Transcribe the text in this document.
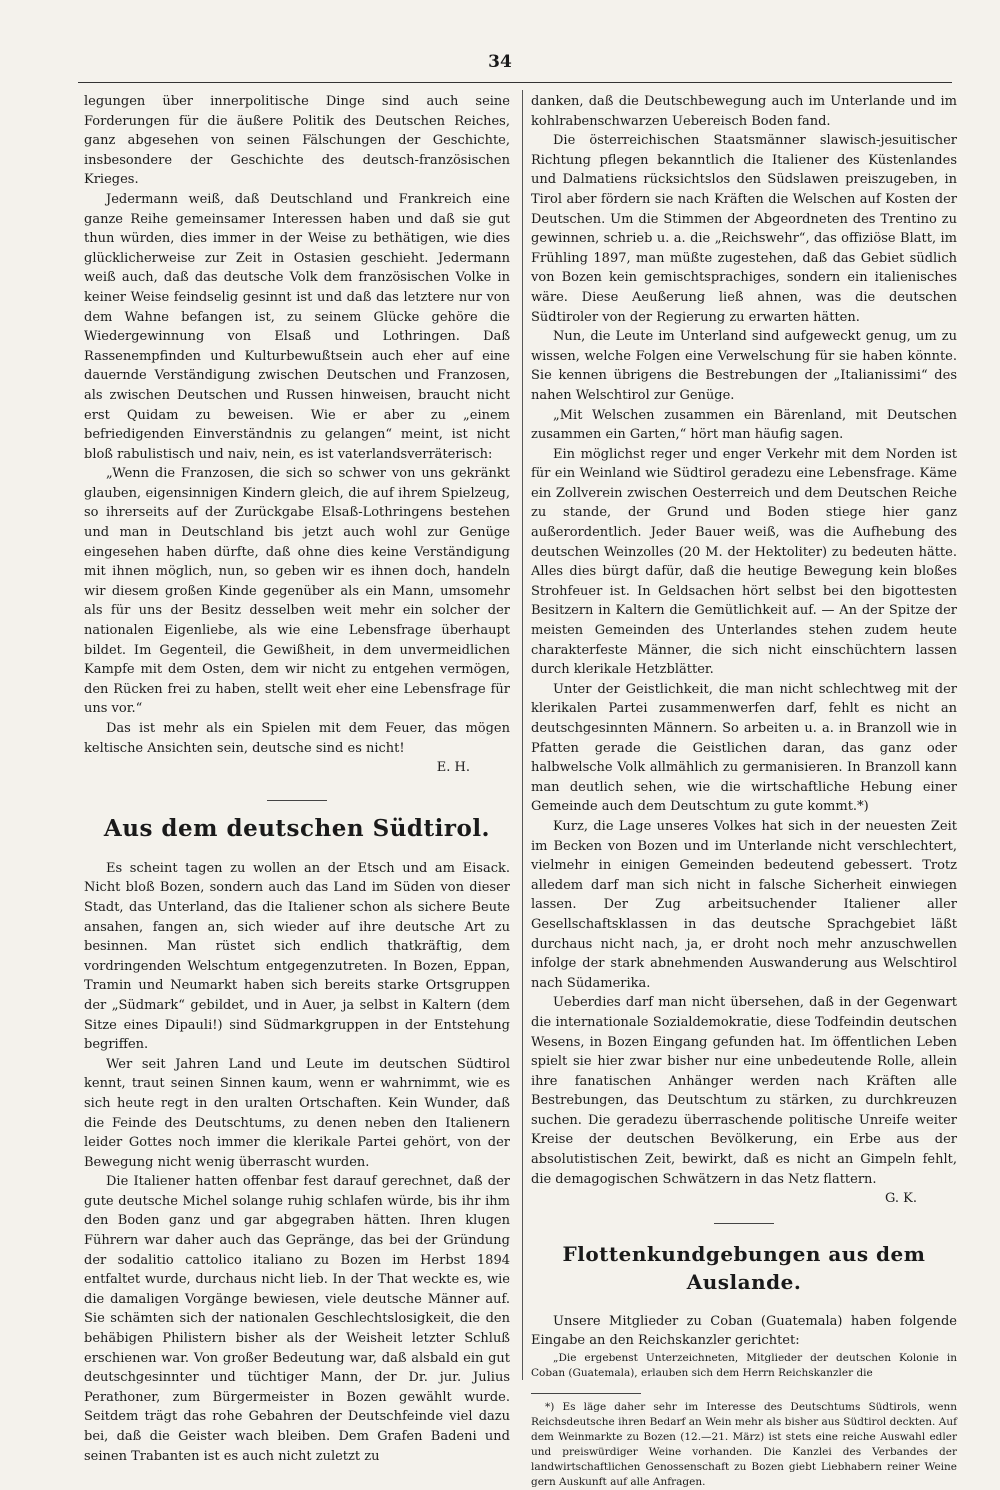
34

legungen über innerpolitische Dinge sind auch seine Forderungen für die äußere Politik des Deutschen Reiches, ganz abgesehen von seinen Fälschungen der Geschichte, insbesondere der Geschichte des deutsch-französischen Krieges.

Jedermann weiß, daß Deutschland und Frankreich eine ganze Reihe gemeinsamer Interessen haben und daß sie gut thun würden, dies immer in der Weise zu bethätigen, wie dies glücklicherweise zur Zeit in Ostasien geschieht. Jedermann weiß auch, daß das deutsche Volk dem französischen Volke in keiner Weise feindselig gesinnt ist und daß das letztere nur von dem Wahne befangen ist, zu seinem Glücke gehöre die Wiedergewinnung von Elsaß und Lothringen. Daß Rassenempfinden und Kulturbewußtsein auch eher auf eine dauernde Verständigung zwischen Deutschen und Franzosen, als zwischen Deutschen und Russen hinweisen, braucht nicht erst Quidam zu beweisen. Wie er aber zu „einem befriedigenden Einverständnis zu gelangen“ meint, ist nicht bloß rabulistisch und naiv, nein, es ist vaterlandsverräterisch:

„Wenn die Franzosen, die sich so schwer von uns gekränkt glauben, eigensinnigen Kindern gleich, die auf ihrem Spielzeug, so ihrerseits auf der Zurückgabe Elsaß-Lothringens bestehen und man in Deutschland bis jetzt auch wohl zur Genüge eingesehen haben dürfte, daß ohne dies keine Verständigung mit ihnen möglich, nun, so geben wir es ihnen doch, handeln wir diesem großen Kinde gegenüber als ein Mann, umsomehr als für uns der Besitz desselben weit mehr ein solcher der nationalen Eigenliebe, als wie eine Lebensfrage überhaupt bildet. Im Gegenteil, die Gewißheit, in dem unvermeidlichen Kampfe mit dem Osten, dem wir nicht zu entgehen vermögen, den Rücken frei zu haben, stellt weit eher eine Lebensfrage für uns vor.“

Das ist mehr als ein Spielen mit dem Feuer, das mögen keltische Ansichten sein, deutsche sind es nicht!

E. H.

Aus dem deutschen Südtirol.

Es scheint tagen zu wollen an der Etsch und am Eisack. Nicht bloß Bozen, sondern auch das Land im Süden von dieser Stadt, das Unterland, das die Italiener schon als sichere Beute ansahen, fangen an, sich wieder auf ihre deutsche Art zu besinnen. Man rüstet sich endlich thatkräftig, dem vordringenden Welschtum entgegenzutreten. In Bozen, Eppan, Tramin und Neumarkt haben sich bereits starke Ortsgruppen der „Südmark“ gebildet, und in Auer, ja selbst in Kaltern (dem Sitze eines Dipauli!) sind Südmarkgruppen in der Entstehung begriffen.

Wer seit Jahren Land und Leute im deutschen Südtirol kennt, traut seinen Sinnen kaum, wenn er wahrnimmt, wie es sich heute regt in den uralten Ortschaften. Kein Wunder, daß die Feinde des Deutschtums, zu denen neben den Italienern leider Gottes noch immer die klerikale Partei gehört, von der Bewegung nicht wenig überrascht wurden.

Die Italiener hatten offenbar fest darauf gerechnet, daß der gute deutsche Michel solange ruhig schlafen würde, bis ihr ihm den Boden ganz und gar abgegraben hätten. Ihren klugen Führern war daher auch das Gepränge, das bei der Gründung der sodalitio cattolico italiano zu Bozen im Herbst 1894 entfaltet wurde, durchaus nicht lieb. In der That weckte es, wie die damaligen Vorgänge bewiesen, viele deutsche Männer auf. Sie schämten sich der nationalen Geschlechtslosigkeit, die den behäbigen Philistern bisher als der Weisheit letzter Schluß erschienen war. Von großer Bedeutung war, daß alsbald ein gut deutschgesinnter und tüchtiger Mann, der Dr. jur. Julius Perathoner, zum Bürgermeister in Bozen gewählt wurde. Seitdem trägt das rohe Gebahren der Deutschfeinde viel dazu bei, daß die Geister wach bleiben. Dem Grafen Badeni und seinen Trabanten ist es auch nicht zuletzt zu

danken, daß die Deutschbewegung auch im Unterlande und im kohlrabenschwarzen Uebereisch Boden fand.

Die österreichischen Staatsmänner slawisch-jesuitischer Richtung pflegen bekanntlich die Italiener des Küstenlandes und Dalmatiens rücksichtslos den Südslawen preiszugeben, in Tirol aber fördern sie nach Kräften die Welschen auf Kosten der Deutschen. Um die Stimmen der Abgeordneten des Trentino zu gewinnen, schrieb u. a. die „Reichswehr“, das offiziöse Blatt, im Frühling 1897, man müßte zugestehen, daß das Gebiet südlich von Bozen kein gemischtsprachiges, sondern ein italienisches wäre. Diese Aeußerung ließ ahnen, was die deutschen Südtiroler von der Regierung zu erwarten hätten.

Nun, die Leute im Unterland sind aufgeweckt genug, um zu wissen, welche Folgen eine Verwelschung für sie haben könnte. Sie kennen übrigens die Bestrebungen der „Italianissimi“ des nahen Welschtirol zur Genüge.

„Mit Welschen zusammen ein Bärenland, mit Deutschen zusammen ein Garten,“ hört man häufig sagen.

Ein möglichst reger und enger Verkehr mit dem Norden ist für ein Weinland wie Südtirol geradezu eine Lebensfrage. Käme ein Zollverein zwischen Oesterreich und dem Deutschen Reiche zu stande, der Grund und Boden stiege hier ganz außerordentlich. Jeder Bauer weiß, was die Aufhebung des deutschen Weinzolles (20 M. der Hektoliter) zu bedeuten hätte. Alles dies bürgt dafür, daß die heutige Bewegung kein bloßes Strohfeuer ist. In Geldsachen hört selbst bei den bigottesten Besitzern in Kaltern die Gemütlichkeit auf. — An der Spitze der meisten Gemeinden des Unterlandes stehen zudem heute charakterfeste Männer, die sich nicht einschüchtern lassen durch klerikale Hetzblätter.

Unter der Geistlichkeit, die man nicht schlechtweg mit der klerikalen Partei zusammenwerfen darf, fehlt es nicht an deutschgesinnten Männern. So arbeiten u. a. in Branzoll wie in Pfatten gerade die Geistlichen daran, das ganz oder halbwelsche Volk allmählich zu germanisieren. In Branzoll kann man deutlich sehen, wie die wirtschaftliche Hebung einer Gemeinde auch dem Deutschtum zu gute kommt.*)

Kurz, die Lage unseres Volkes hat sich in der neuesten Zeit im Becken von Bozen und im Unterlande nicht verschlechtert, vielmehr in einigen Gemeinden bedeutend gebessert. Trotz alledem darf man sich nicht in falsche Sicherheit einwiegen lassen. Der Zug arbeitsuchender Italiener aller Gesellschaftsklassen in das deutsche Sprachgebiet läßt durchaus nicht nach, ja, er droht noch mehr anzuschwellen infolge der stark abnehmenden Auswanderung aus Welschtirol nach Südamerika.

Ueberdies darf man nicht übersehen, daß in der Gegenwart die internationale Sozialdemokratie, diese Todfeindin deutschen Wesens, in Bozen Eingang gefunden hat. Im öffentlichen Leben spielt sie hier zwar bisher nur eine unbedeutende Rolle, allein ihre fanatischen Anhänger werden nach Kräften alle Bestrebungen, das Deutschtum zu stärken, zu durchkreuzen suchen. Die geradezu überraschende politische Unreife weiter Kreise der deutschen Bevölkerung, ein Erbe aus der absolutistischen Zeit, bewirkt, daß es nicht an Gimpeln fehlt, die demagogischen Schwätzern in das Netz flattern.

G. K.

Flottenkundgebungen aus dem Auslande.

Unsere Mitglieder zu Coban (Guatemala) haben folgende Eingabe an den Reichskanzler gerichtet:

„Die ergebenst Unterzeichneten, Mitglieder der deutschen Kolonie in Coban (Guatemala), erlauben sich dem Herrn Reichskanzler die

*) Es läge daher sehr im Interesse des Deutschtums Südtirols, wenn Reichsdeutsche ihren Bedarf an Wein mehr als bisher aus Südtirol deckten. Auf dem Weinmarkte zu Bozen (12.—21. März) ist stets eine reiche Auswahl edler und preiswürdiger Weine vorhanden. Die Kanzlei des Verbandes der landwirtschaftlichen Genossenschaft zu Bozen giebt Liebhabern reiner Weine gern Auskunft auf alle Anfragen.
